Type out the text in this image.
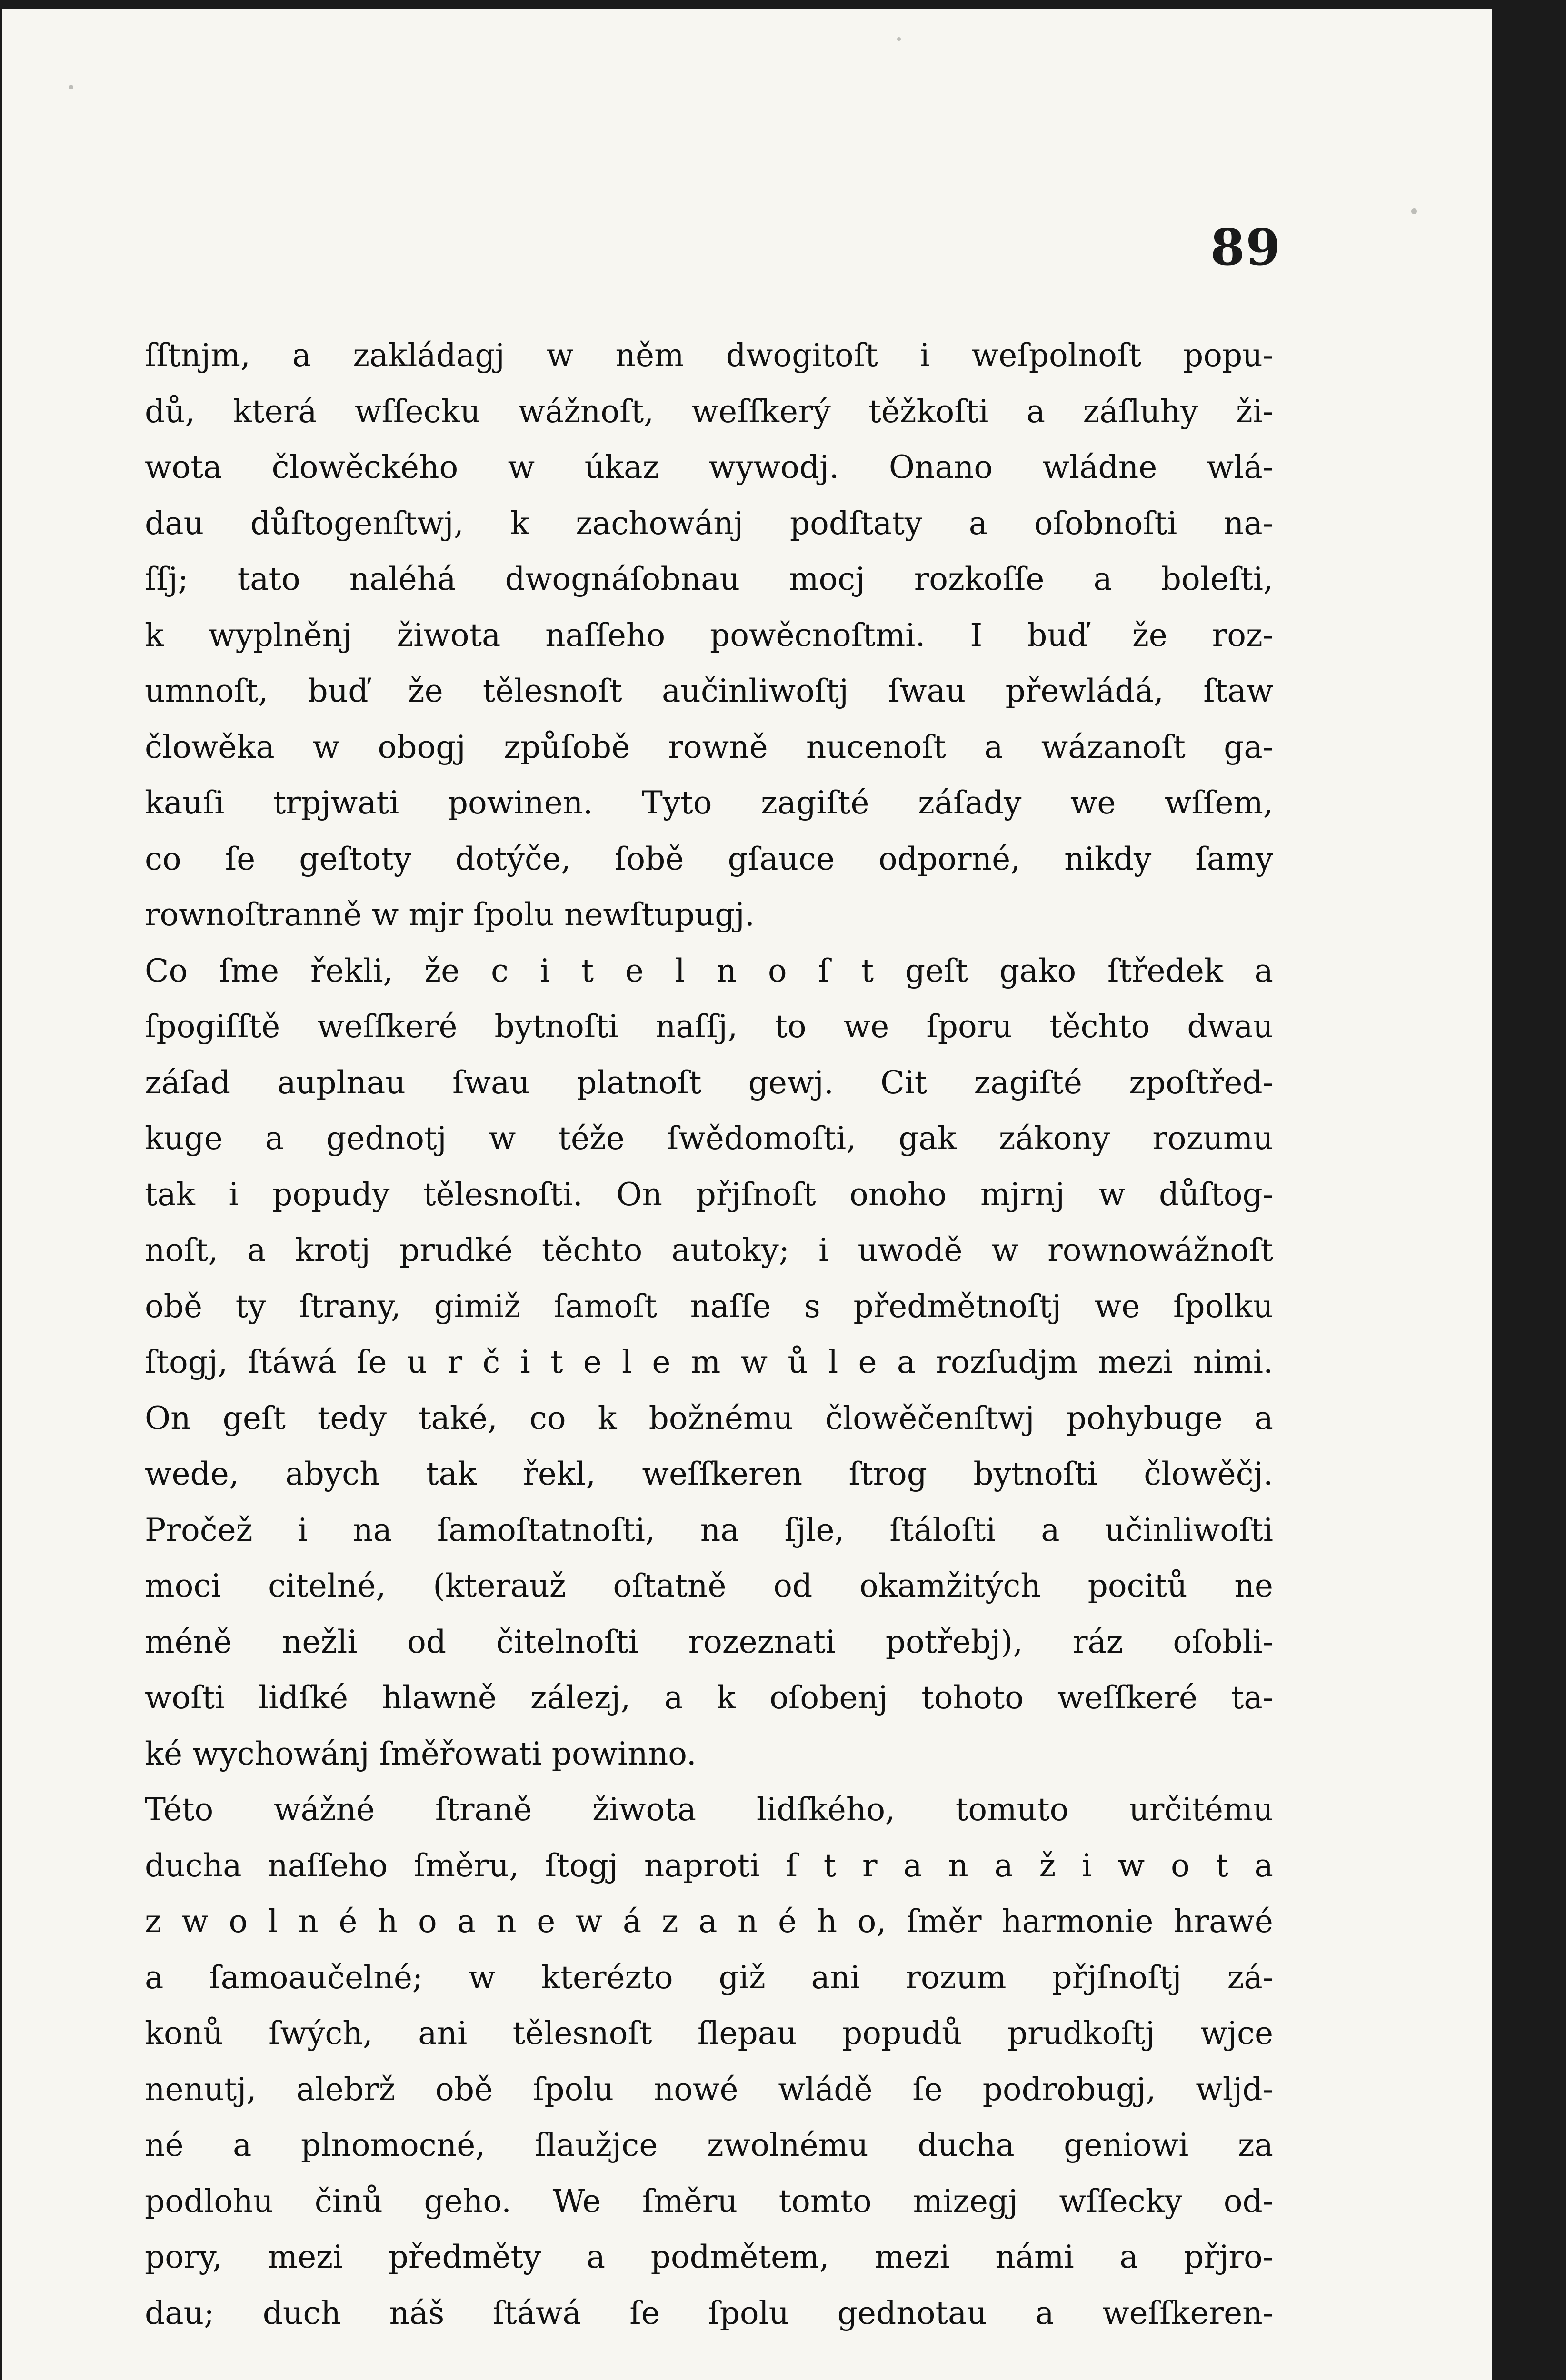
89
ſſtnjm, a zakládagj w něm dwogitoſt i weſpolnoſt popu-
dů, která wſſecku wážnoſt, weſſkerý těžkoſti a záſluhy ži-
wota člowěckého w úkaz wywodj. Onano wládne wlá-
dau důſtogenſtwj, k zachowánj podſtaty a oſobnoſti na-
ſſj; tato naléhá dwognáſobnau mocj rozkoſſe a boleſti,
k wyplněnj žiwota naſſeho powěcnoſtmi. I buď že roz-
umnoſt, buď že tělesnoſt aučinliwoſtj ſwau přewládá, ſtaw
člowěka w obogj způſobě rowně nucenoſt a wázanoſt ga-
kauſi trpjwati powinen. Tyto zagiſté záſady we wſſem,
co ſe geſtoty dotýče, ſobě gſauce odporné, nikdy ſamy
rownoſtranně w mjr ſpolu newſtupugj.
Co ſme řekli, že c i t e l n o ſ t geſt gako ſtředek a
ſpogiſſtě weſſkeré bytnoſti naſſj, to we ſporu těchto dwau
záſad auplnau ſwau platnoſt gewj. Cit zagiſté zpoſtřed-
kuge a gednotj w téže ſwědomoſti, gak zákony rozumu
tak i popudy tělesnoſti. On přjſnoſt onoho mjrnj w důſtog-
noſt, a krotj prudké těchto autoky; i uwodě w rownowážnoſt
obě ty ſtrany, gimiž ſamoſt naſſe s předmětnoſtj we ſpolku
ſtogj, ſtáwá ſe u r č i t e l e m w ů l e a rozſudjm mezi nimi.
On geſt tedy také, co k božnému člowěčenſtwj pohybuge a
wede, abych tak řekl, weſſkeren ſtrog bytnoſti člowěčj.
Pročež i na ſamoſtatnoſti, na ſjle, ſtáloſti a učinliwoſti
moci citelné, (kterauž oſtatně od okamžitých pocitů ne
méně nežli od čitelnoſti rozeznati potřebj), ráz oſobli-
woſti lidſké hlawně zálezj, a k oſobenj tohoto weſſkeré ta-
ké wychowánj ſměřowati powinno.
Této wážné ſtraně žiwota lidſkého, tomuto určitému
ducha naſſeho ſměru, ſtogj naproti ſ t r a n a ž i w o t a
z w o l n é h o a n e w á z a n é h o, ſměr harmonie hrawé
a ſamoaučelné; w kterézto giž ani rozum přjſnoſtj zá-
konů ſwých, ani tělesnoſt ſlepau popudů prudkoſtj wjce
nenutj, alebrž obě ſpolu nowé wládě ſe podrobugj, wljd-
né a plnomocné, ſlaužjce zwolnému ducha geniowi za
podlohu činů geho. We ſměru tomto mizegj wſſecky od-
pory, mezi předměty a podmětem, mezi námi a přjro-
dau; duch náš ſtáwá ſe ſpolu gednotau a weſſkeren-
